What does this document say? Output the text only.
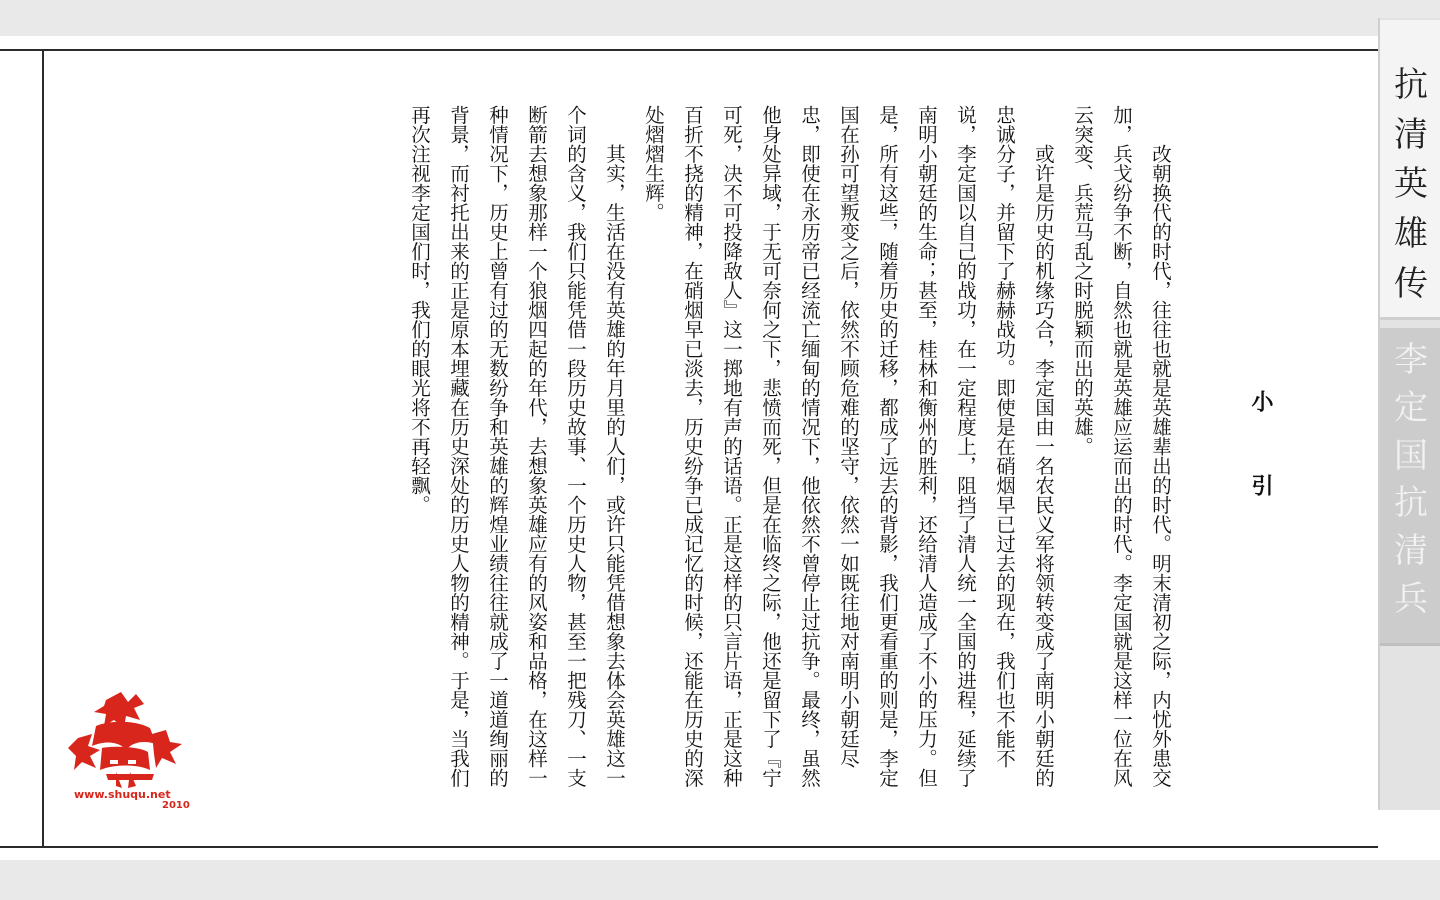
抗
清
英
雄
传
李
定
国
抗
清
兵
小引

改朝换代的时代，往往也就是英雄辈出的时代。明末清初之际，内忧外患交加，兵戈纷争不断，自然也就是英雄应运而出的时代。李定国就是这样一位在风云突变、兵荒马乱之时脱颖而出的英雄。

或许是历史的机缘巧合，李定国由一名农民义军将领转变成了南明小朝廷的忠诚分子，并留下了赫赫战功。即使是在硝烟早已过去的现在，我们也不能不说，李定国以自己的战功，在一定程度上，阻挡了清人统一全国的进程，延续了南明小朝廷的生命；甚至，桂林和衡州的胜利，还给清人造成了不小的压力。但是，所有这些，随着历史的迁移，都成了远去的背影，我们更看重的则是，李定国在孙可望叛变之后，依然不顾危难的坚守，依然一如既往地对南明小朝廷尽忠，即使在永历帝已经流亡缅甸的情况下，他依然不曾停止过抗争。最终，虽然他身处异域，于无可奈何之下，悲愤而死，但是在临终之际，他还是留下了『宁可死，决不可投降敌人』这一掷地有声的话语。正是这样的只言片语，正是这种百折不挠的精神，在硝烟早已淡去，历史纷争已成记忆的时候，还能在历史的深处熠熠生辉。

其实，生活在没有英雄的年月里的人们，或许只能凭借想象去体会英雄这一个词的含义，我们只能凭借一段历史故事、一个历史人物，甚至一把残刀、一支断箭去想象那样一个狼烟四起的年代，去想象英雄应有的风姿和品格，在这样一种情况下，历史上曾有过的无数纷争和英雄的辉煌业绩往往就成了一道道绚丽的背景，而衬托出来的正是原本埋藏在历史深处的历史人物的精神。于是，当我们再次注视李定国们时，我们的眼光将不再轻飘。

www.shuqu.net
2010
